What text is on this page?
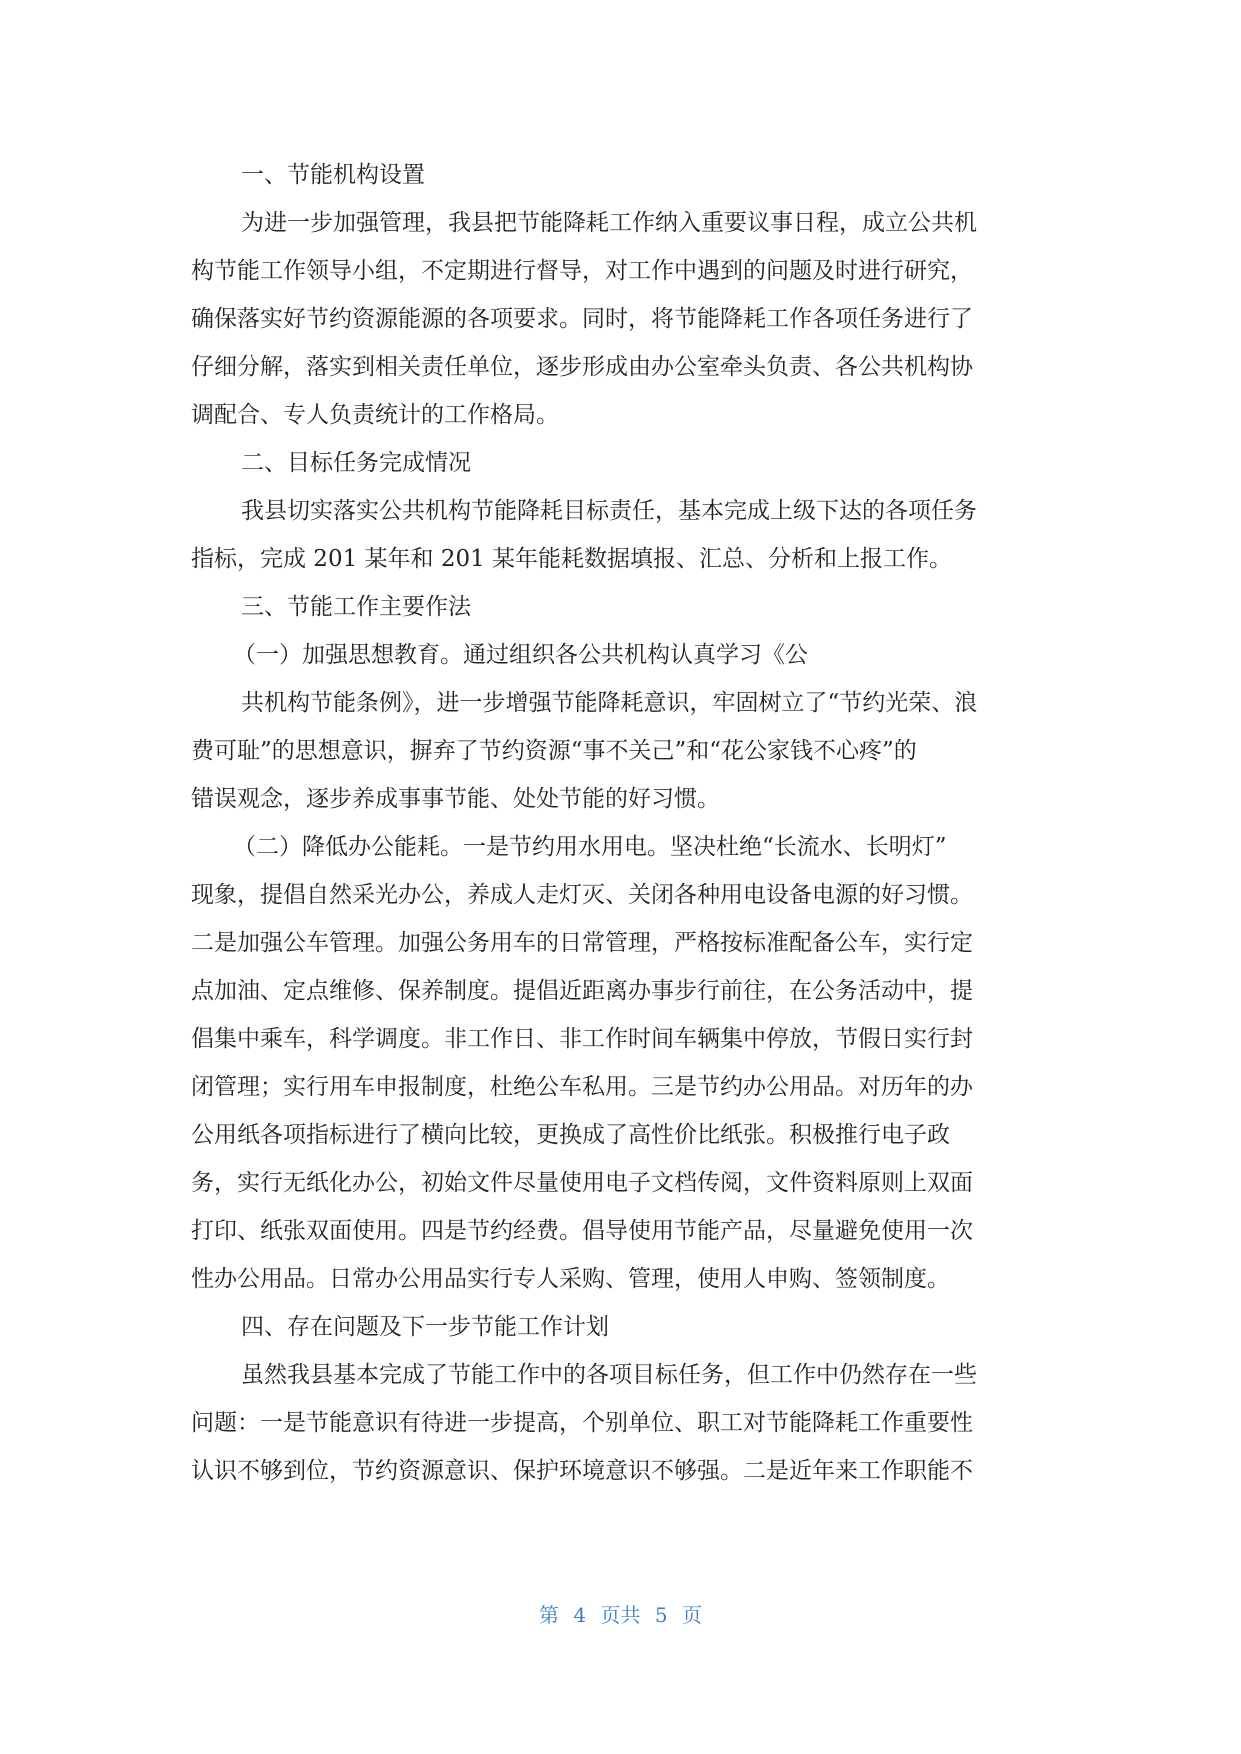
一、节能机构设置

为进一步加强管理，我县把节能降耗工作纳入重要议事日程，成立公共机

构节能工作领导小组，不定期进行督导，对工作中遇到的问题及时进行研究，

确保落实好节约资源能源的各项要求。同时，将节能降耗工作各项任务进行了

仔细分解，落实到相关责任单位，逐步形成由办公室牵头负责、各公共机构协

调配合、专人负责统计的工作格局。

二、目标任务完成情况

我县切实落实公共机构节能降耗目标责任，基本完成上级下达的各项任务

指标，完成 201 某年和 201 某年能耗数据填报、汇总、分析和上报工作。

三、节能工作主要作法

（一）加强思想教育。通过组织各公共机构认真学习《公

共机构节能条例》，进一步增强节能降耗意识，牢固树立了“节约光荣、浪

费可耻”的思想意识，摒弃了节约资源“事不关己”和“花公家钱不心疼”的

错误观念，逐步养成事事节能、处处节能的好习惯。

（二）降低办公能耗。一是节约用水用电。坚决杜绝“长流水、长明灯”

现象，提倡自然采光办公，养成人走灯灭、关闭各种用电设备电源的好习惯。

二是加强公车管理。加强公务用车的日常管理，严格按标准配备公车，实行定

点加油、定点维修、保养制度。提倡近距离办事步行前往，在公务活动中，提

倡集中乘车，科学调度。非工作日、非工作时间车辆集中停放，节假日实行封

闭管理；实行用车申报制度，杜绝公车私用。三是节约办公用品。对历年的办

公用纸各项指标进行了横向比较，更换成了高性价比纸张。积极推行电子政

务，实行无纸化办公，初始文件尽量使用电子文档传阅，文件资料原则上双面

打印、纸张双面使用。四是节约经费。倡导使用节能产品，尽量避免使用一次

性办公用品。日常办公用品实行专人采购、管理，使用人申购、签领制度。

四、存在问题及下一步节能工作计划

虽然我县基本完成了节能工作中的各项目标任务，但工作中仍然存在一些

问题：一是节能意识有待进一步提高，个别单位、职工对节能降耗工作重要性

认识不够到位，节约资源意识、保护环境意识不够强。二是近年来工作职能不

第 4 页共 5 页
